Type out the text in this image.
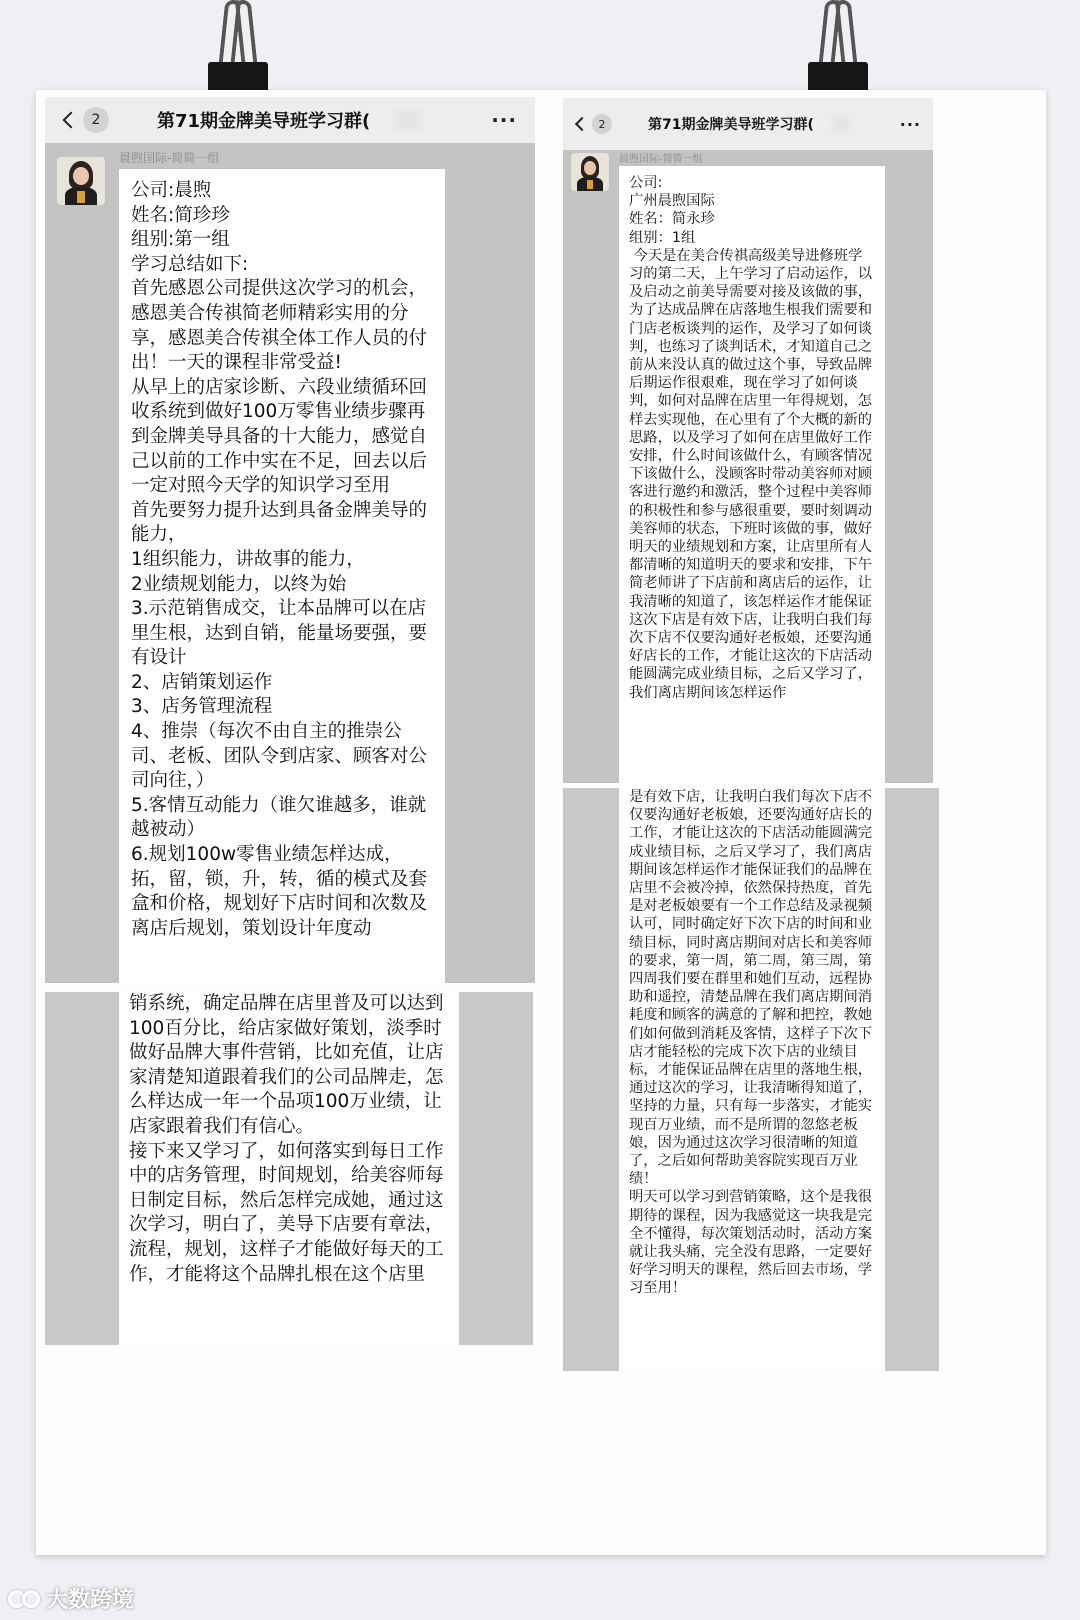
2	第71期金牌美导班学习群(	···
晨煦国际-简简一组
公司:晨煦
姓名:简珍珍
组别:第一组
学习总结如下:
首先感恩公司提供这次学习的机会，感恩美合传祺简老师精彩实用的分享，感恩美合传祺全体工作人员的付出！一天的课程非常受益!
从早上的店家诊断、六段业绩循环回收系统到做好100万零售业绩步骤再到金牌美导具备的十大能力，感觉自己以前的工作中实在不足，回去以后一定对照今天学的知识学习至用
首先要努力提升达到具备金牌美导的能力，
1组织能力，讲故事的能力，
2业绩规划能力，以终为始
3.示范销售成交，让本品牌可以在店里生根，达到自销，能量场要强，要有设计
2、店销策划运作
3、店务管理流程
4、推崇（每次不由自主的推崇公司、老板、团队令到店家、顾客对公司向往，）
5.客情互动能力（谁欠谁越多，谁就越被动）
6.规划100w零售业绩怎样达成，拓，留，锁，升，转，循的模式及套盒和价格，规划好下店时间和次数及离店后规划，策划设计年度动
销系统，确定品牌在店里普及可以达到100百分比，给店家做好策划，淡季时做好品牌大事件营销，比如充值，让店家清楚知道跟着我们的公司品牌走，怎么样达成一年一个品项100万业绩，让店家跟着我们有信心。
接下来又学习了，如何落实到每日工作中的店务管理，时间规划，给美容师每日制定目标，然后怎样完成她，通过这次学习，明白了，美导下店要有章法，流程，规划，这样子才能做好每天的工作，才能将这个品牌扎根在这个店里
2	第71期金牌美导班学习群(	···
晨煦国际-简简一组
公司:
广州晨煦国际
姓名：简永珍
组别：1组
今天是在美合传祺高级美导进修班学习的第二天，上午学习了启动运作，以及启动之前美导需要对接及该做的事，为了达成品牌在店落地生根我们需要和门店老板谈判的运作，及学习了如何谈判，也练习了谈判话术，才知道自己之前从来没认真的做过这个事，导致品牌后期运作很艰难，现在学习了如何谈判，如何对品牌在店里一年得规划，怎样去实现他，在心里有了个大概的新的思路，以及学习了如何在店里做好工作安排，什么时间该做什么，有顾客情况下该做什么，没顾客时带动美容师对顾客进行邀约和激活，整个过程中美容师的积极性和参与感很重要，要时刻调动美容师的状态，下班时该做的事，做好明天的业绩规划和方案，让店里所有人都清晰的知道明天的要求和安排，下午简老师讲了下店前和离店后的运作，让我清晰的知道了，该怎样运作才能保证这次下店是有效下店，让我明白我们每次下店不仅要沟通好老板娘，还要沟通好店长的工作，才能让这次的下店活动能圆满完成业绩目标，之后又学习了，我们离店期间该怎样运作
是有效下店，让我明白我们每次下店不仅要沟通好老板娘，还要沟通好店长的工作，才能让这次的下店活动能圆满完成业绩目标，之后又学习了，我们离店期间该怎样运作才能保证我们的品牌在店里不会被冷掉，依然保持热度，首先是对老板娘要有一个工作总结及录视频认可，同时确定好下次下店的时间和业绩目标，同时离店期间对店长和美容师的要求，第一周，第二周，第三周，第四周我们要在群里和她们互动，远程协助和遥控，清楚品牌在我们离店期间消耗度和顾客的满意的了解和把控，教她们如何做到消耗及客情，这样子下次下店才能轻松的完成下次下店的业绩目标，才能保证品牌在店里的落地生根，通过这次的学习，让我清晰得知道了，坚持的力量，只有每一步落实，才能实现百万业绩，而不是所谓的忽悠老板娘，因为通过这次学习很清晰的知道了，之后如何帮助美容院实现百万业绩！
明天可以学习到营销策略，这个是我很期待的课程，因为我感觉这一块我是完全不懂得，每次策划活动时，活动方案就让我头痛，完全没有思路，一定要好好学习明天的课程，然后回去市场，学习至用！
大数跨境
